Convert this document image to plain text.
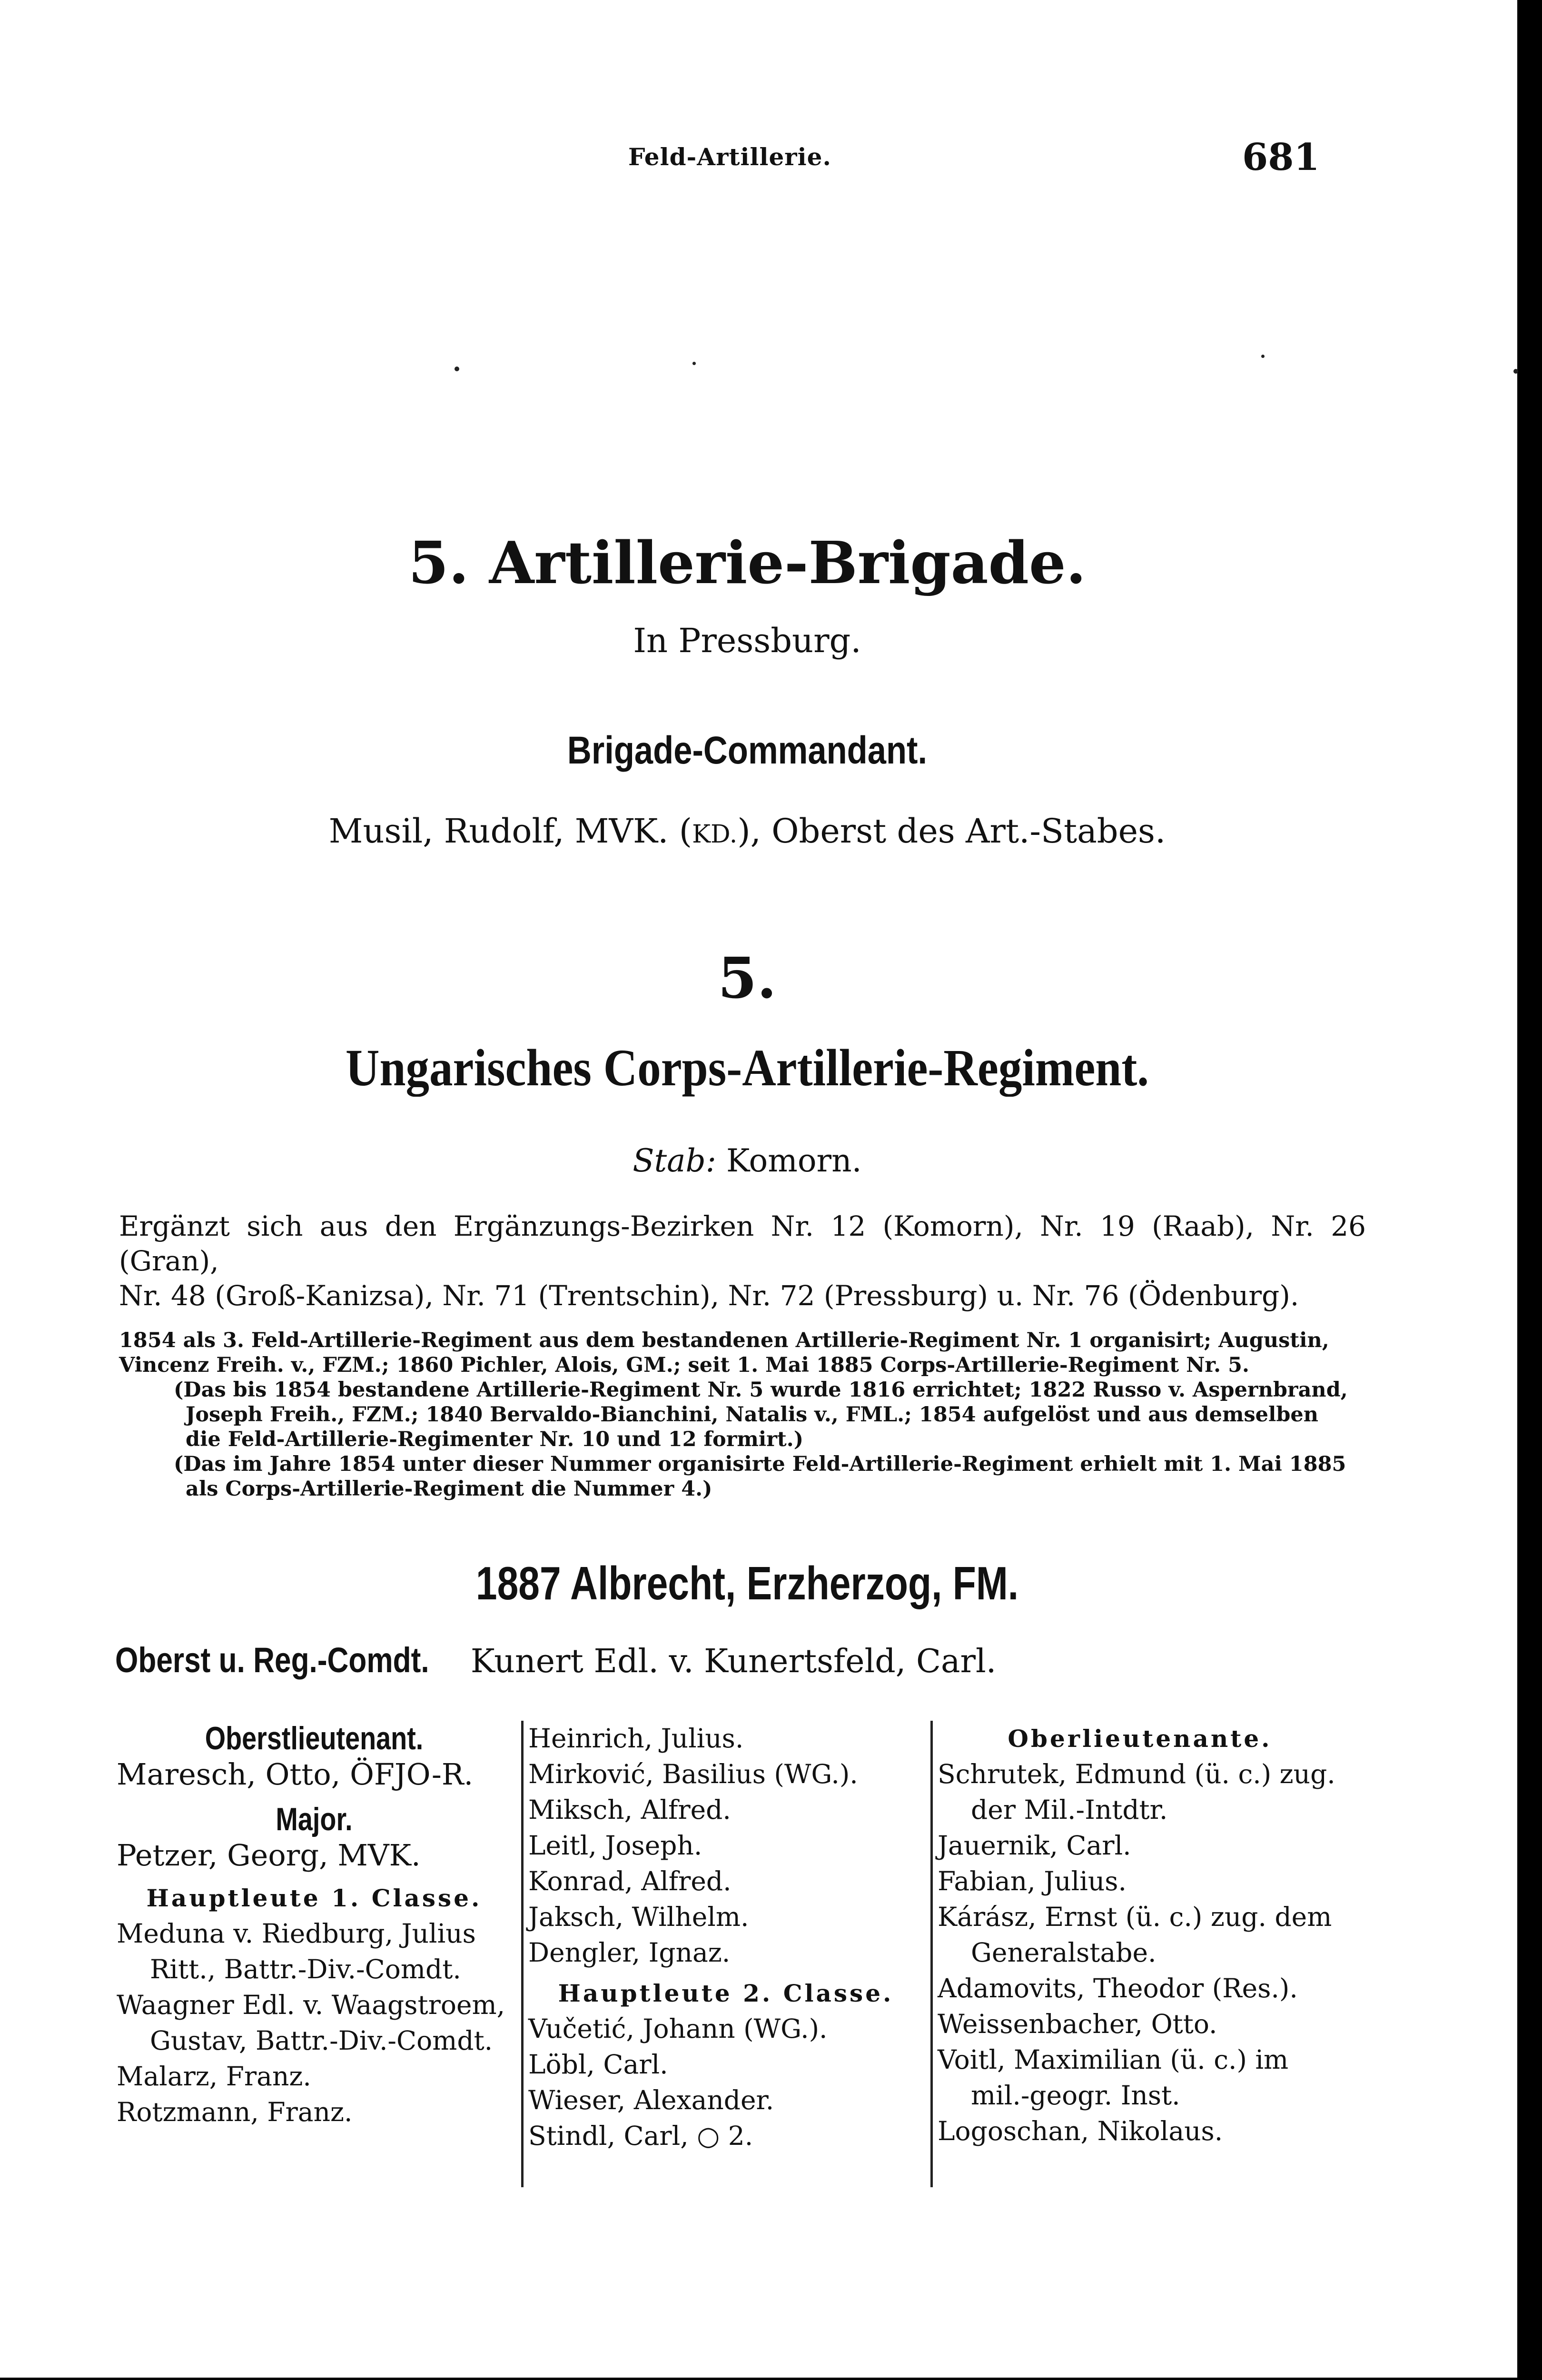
Feld-Artillerie.	681
5. Artillerie-Brigade.
In Pressburg.
Brigade-Commandant.
Musil, Rudolf, MVK. (KD.), Oberst des Art.-Stabes.
5.
Ungarisches Corps-Artillerie-Regiment.
Stab: Komorn.
Ergänzt sich aus den Ergänzungs-Bezirken Nr. 12 (Komorn), Nr. 19 (Raab), Nr. 26 (Gran),
Nr. 48 (Groß-Kanizsa), Nr. 71 (Trentschin), Nr. 72 (Pressburg) u. Nr. 76 (Ödenburg).

1854 als 3. Feld-Artillerie-Regiment aus dem bestandenen Artillerie-Regiment Nr. 1 organisirt; Augustin, Vincenz Freih. v., FZM.; 1860 Pichler, Alois, GM.; seit 1. Mai 1885 Corps-Artillerie-Regiment Nr. 5.

(Das bis 1854 bestandene Artillerie-Regiment Nr. 5 wurde 1816 errichtet; 1822 Russo v. Aspernbrand, Joseph Freih., FZM.; 1840 Bervaldo-Bianchini, Natalis v., FML.; 1854 aufgelöst und aus demselben die Feld-Artillerie-Regimenter Nr. 10 und 12 formirt.)

(Das im Jahre 1854 unter dieser Nummer organisirte Feld-Artillerie-Regiment erhielt mit 1. Mai 1885 als Corps-Artillerie-Regiment die Nummer 4.)

1887 Albrecht, Erzherzog, FM.
Oberst u. Reg.-Comdt. Kunert Edl. v. Kunertsfeld, Carl.
Oberstlieutenant.
Maresch, Otto, ÖFJO-R.
Major.
Petzer, Georg, MVK.
Hauptleute 1. Classe.
Meduna v. Riedburg, Julius
Ritt., Battr.-Div.-Comdt.
Waagner Edl. v. Waagstroem,
Gustav, Battr.-Div.-Comdt.
Malarz, Franz.
Rotzmann, Franz.
Heinrich, Julius.
Mirković, Basilius (WG.).
Miksch, Alfred.
Leitl, Joseph.
Konrad, Alfred.
Jaksch, Wilhelm.
Dengler, Ignaz.
Hauptleute 2. Classe.
Vučetić, Johann (WG.).
Löbl, Carl.
Wieser, Alexander.
Stindl, Carl, ○ 2.
Oberlieutenante.
Schrutek, Edmund (ü. c.) zug.
der Mil.-Intdtr.
Jauernik, Carl.
Fabian, Julius.
Kárász, Ernst (ü. c.) zug. dem
Generalstabe.
Adamovits, Theodor (Res.).
Weissenbacher, Otto.
Voitl, Maximilian (ü. c.) im
mil.-geogr. Inst.
Logoschan, Nikolaus.
